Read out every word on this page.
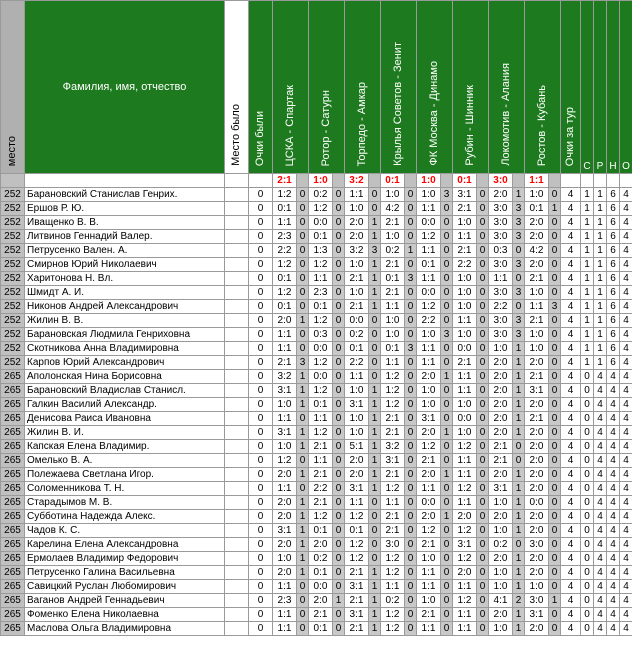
место	Фамилия, имя, отчество	Место было	Очки были	ЦСКА - Спартак		Ротор - Сатурн		Торпедо - Амкар		Крылья Советов - Зенит		ФК Москва - Динамо		Рубин - Шинник		Локомотив - Алания		Ростов - Кубань		Очки за тур	С	Р	Н	О
				2:1		1:0		3:2		0:1		1:0		0:1		3:0		1:1						
252	Барановский Станислав Генрих.		0	1:2	0	0:2	0	1:1	0	1:0	0	1:0	3	3:1	0	2:0	1	1:0	0	4	1	1	6	4
252	Ершов Р. Ю.		0	0:1	0	1:2	0	1:0	0	4:2	0	1:1	0	2:1	0	3:0	3	0:1	1	4	1	1	6	4
252	Иващенко В. В.		0	1:1	0	0:0	0	2:0	1	2:1	0	0:0	0	1:0	0	3:0	3	2:0	0	4	1	1	6	4
252	Литвинов Геннадий Валер.		0	2:3	0	0:1	0	2:0	1	1:0	0	1:2	0	1:1	0	3:0	3	2:0	0	4	1	1	6	4
252	Петрусенко Вален. А.		0	2:2	0	1:3	0	3:2	3	0:2	1	1:1	0	2:1	0	0:3	0	4:2	0	4	1	1	6	4
252	Смирнов Юрий Николаевич		0	1:2	0	1:2	0	1:0	1	2:1	0	0:1	0	2:2	0	3:0	3	2:0	0	4	1	1	6	4
252	Харитонова Н. Вл.		0	0:1	0	1:1	0	2:1	1	0:1	3	1:1	0	1:0	0	1:1	0	2:1	0	4	1	1	6	4
252	Шмидт А. И.		0	1:2	0	2:3	0	1:0	1	2:1	0	0:0	0	1:0	0	3:0	3	1:0	0	4	1	1	6	4
252	Никонов Андрей Александрович		0	0:1	0	0:1	0	2:1	1	1:1	0	1:2	0	1:0	0	2:2	0	1:1	3	4	1	1	6	4
252	Жилин В. В.		0	2:0	1	1:2	0	0:0	0	1:0	0	2:2	0	1:1	0	3:0	3	2:1	0	4	1	1	6	4
252	Барановская Людмила Генриховна		0	1:1	0	0:3	0	0:2	0	1:0	0	1:0	3	1:0	0	3:0	3	1:0	0	4	1	1	6	4
252	Скотникова Анна Владимировна		0	1:1	0	0:0	0	0:1	0	0:1	3	1:1	0	0:0	0	1:0	1	1:0	0	4	1	1	6	4
252	Карпов Юрий Александрович		0	2:1	3	1:2	0	2:2	0	1:1	0	1:1	0	2:1	0	2:0	1	2:0	0	4	1	1	6	4
265	Аполонская Нина Борисовна		0	3:2	1	0:0	0	1:1	0	1:2	0	2:0	1	1:1	0	2:0	1	2:1	0	4	0	4	4	4
265	Барановский Владислав Станисл.		0	3:1	1	1:2	0	1:0	1	1:2	0	1:0	0	1:1	0	2:0	1	3:1	0	4	0	4	4	4
265	Галкин Василий Александр.		0	1:0	1	0:1	0	3:1	1	1:2	0	1:0	0	1:0	0	2:0	1	2:0	0	4	0	4	4	4
265	Денисова Раиса Ивановна		0	1:1	0	1:1	0	1:0	1	2:1	0	3:1	0	0:0	0	2:0	1	2:1	0	4	0	4	4	4
265	Жилин В. И.		0	3:1	1	1:2	0	1:0	1	2:1	0	2:0	1	1:0	0	2:0	1	2:0	0	4	0	4	4	4
265	Капская Елена Владимир.		0	1:0	1	2:1	0	5:1	1	3:2	0	1:2	0	1:2	0	2:1	0	2:0	0	4	0	4	4	4
265	Омелько В. А.		0	1:2	0	1:1	0	2:0	1	3:1	0	2:1	0	1:1	0	2:1	0	2:0	0	4	0	4	4	4
265	Полежаева Светлана Игор.		0	2:0	1	2:1	0	2:0	1	2:1	0	2:0	1	1:1	0	2:0	1	2:0	0	4	0	4	4	4
265	Соломенникова Т. Н.		0	1:1	0	2:2	0	3:1	1	1:2	0	1:1	0	1:2	0	3:1	1	2:0	0	4	0	4	4	4
265	Старадымов М. В.		0	2:0	1	2:1	0	1:1	0	1:1	0	0:0	0	1:1	0	1:0	1	0:0	0	4	0	4	4	4
265	Субботина Надежда Алекс.		0	2:0	1	1:2	0	1:2	0	2:1	0	2:0	1	2:0	0	2:0	1	2:0	0	4	0	4	4	4
265	Чадов К. С.		0	3:1	1	0:1	0	0:1	0	2:1	0	1:2	0	1:2	0	1:0	1	2:0	0	4	0	4	4	4
265	Карелина Елена Александровна		0	2:0	1	2:0	0	1:2	0	3:0	0	2:1	0	3:1	0	0:2	0	3:0	0	4	0	4	4	4
265	Ермолаев Владимир Федорович		0	1:0	1	0:2	0	1:2	0	1:2	0	1:0	0	1:2	0	2:0	1	2:0	0	4	0	4	4	4
265	Петрусенко Галина Васильевна		0	2:0	1	0:1	0	2:1	1	1:2	0	1:1	0	2:0	0	1:0	1	2:0	0	4	0	4	4	4
265	Савицкий Руслан Любомирович		0	1:1	0	0:0	0	3:1	1	1:1	0	1:1	0	1:1	0	1:0	1	1:0	0	4	0	4	4	4
265	Ваганов Андрей Геннадьевич		0	2:3	0	2:0	1	2:1	1	0:2	0	1:0	0	1:2	0	4:1	2	3:0	1	4	0	4	4	4
265	Фоменко Елена Николаевна		0	1:1	0	2:1	0	3:1	1	1:2	0	2:1	0	1:1	0	2:0	1	3:1	0	4	0	4	4	4
265	Маслова Ольга Владимировна		0	1:1	0	0:1	0	2:1	1	1:2	0	1:1	0	1:1	0	1:0	1	2:0	0	4	0	4	4	4
